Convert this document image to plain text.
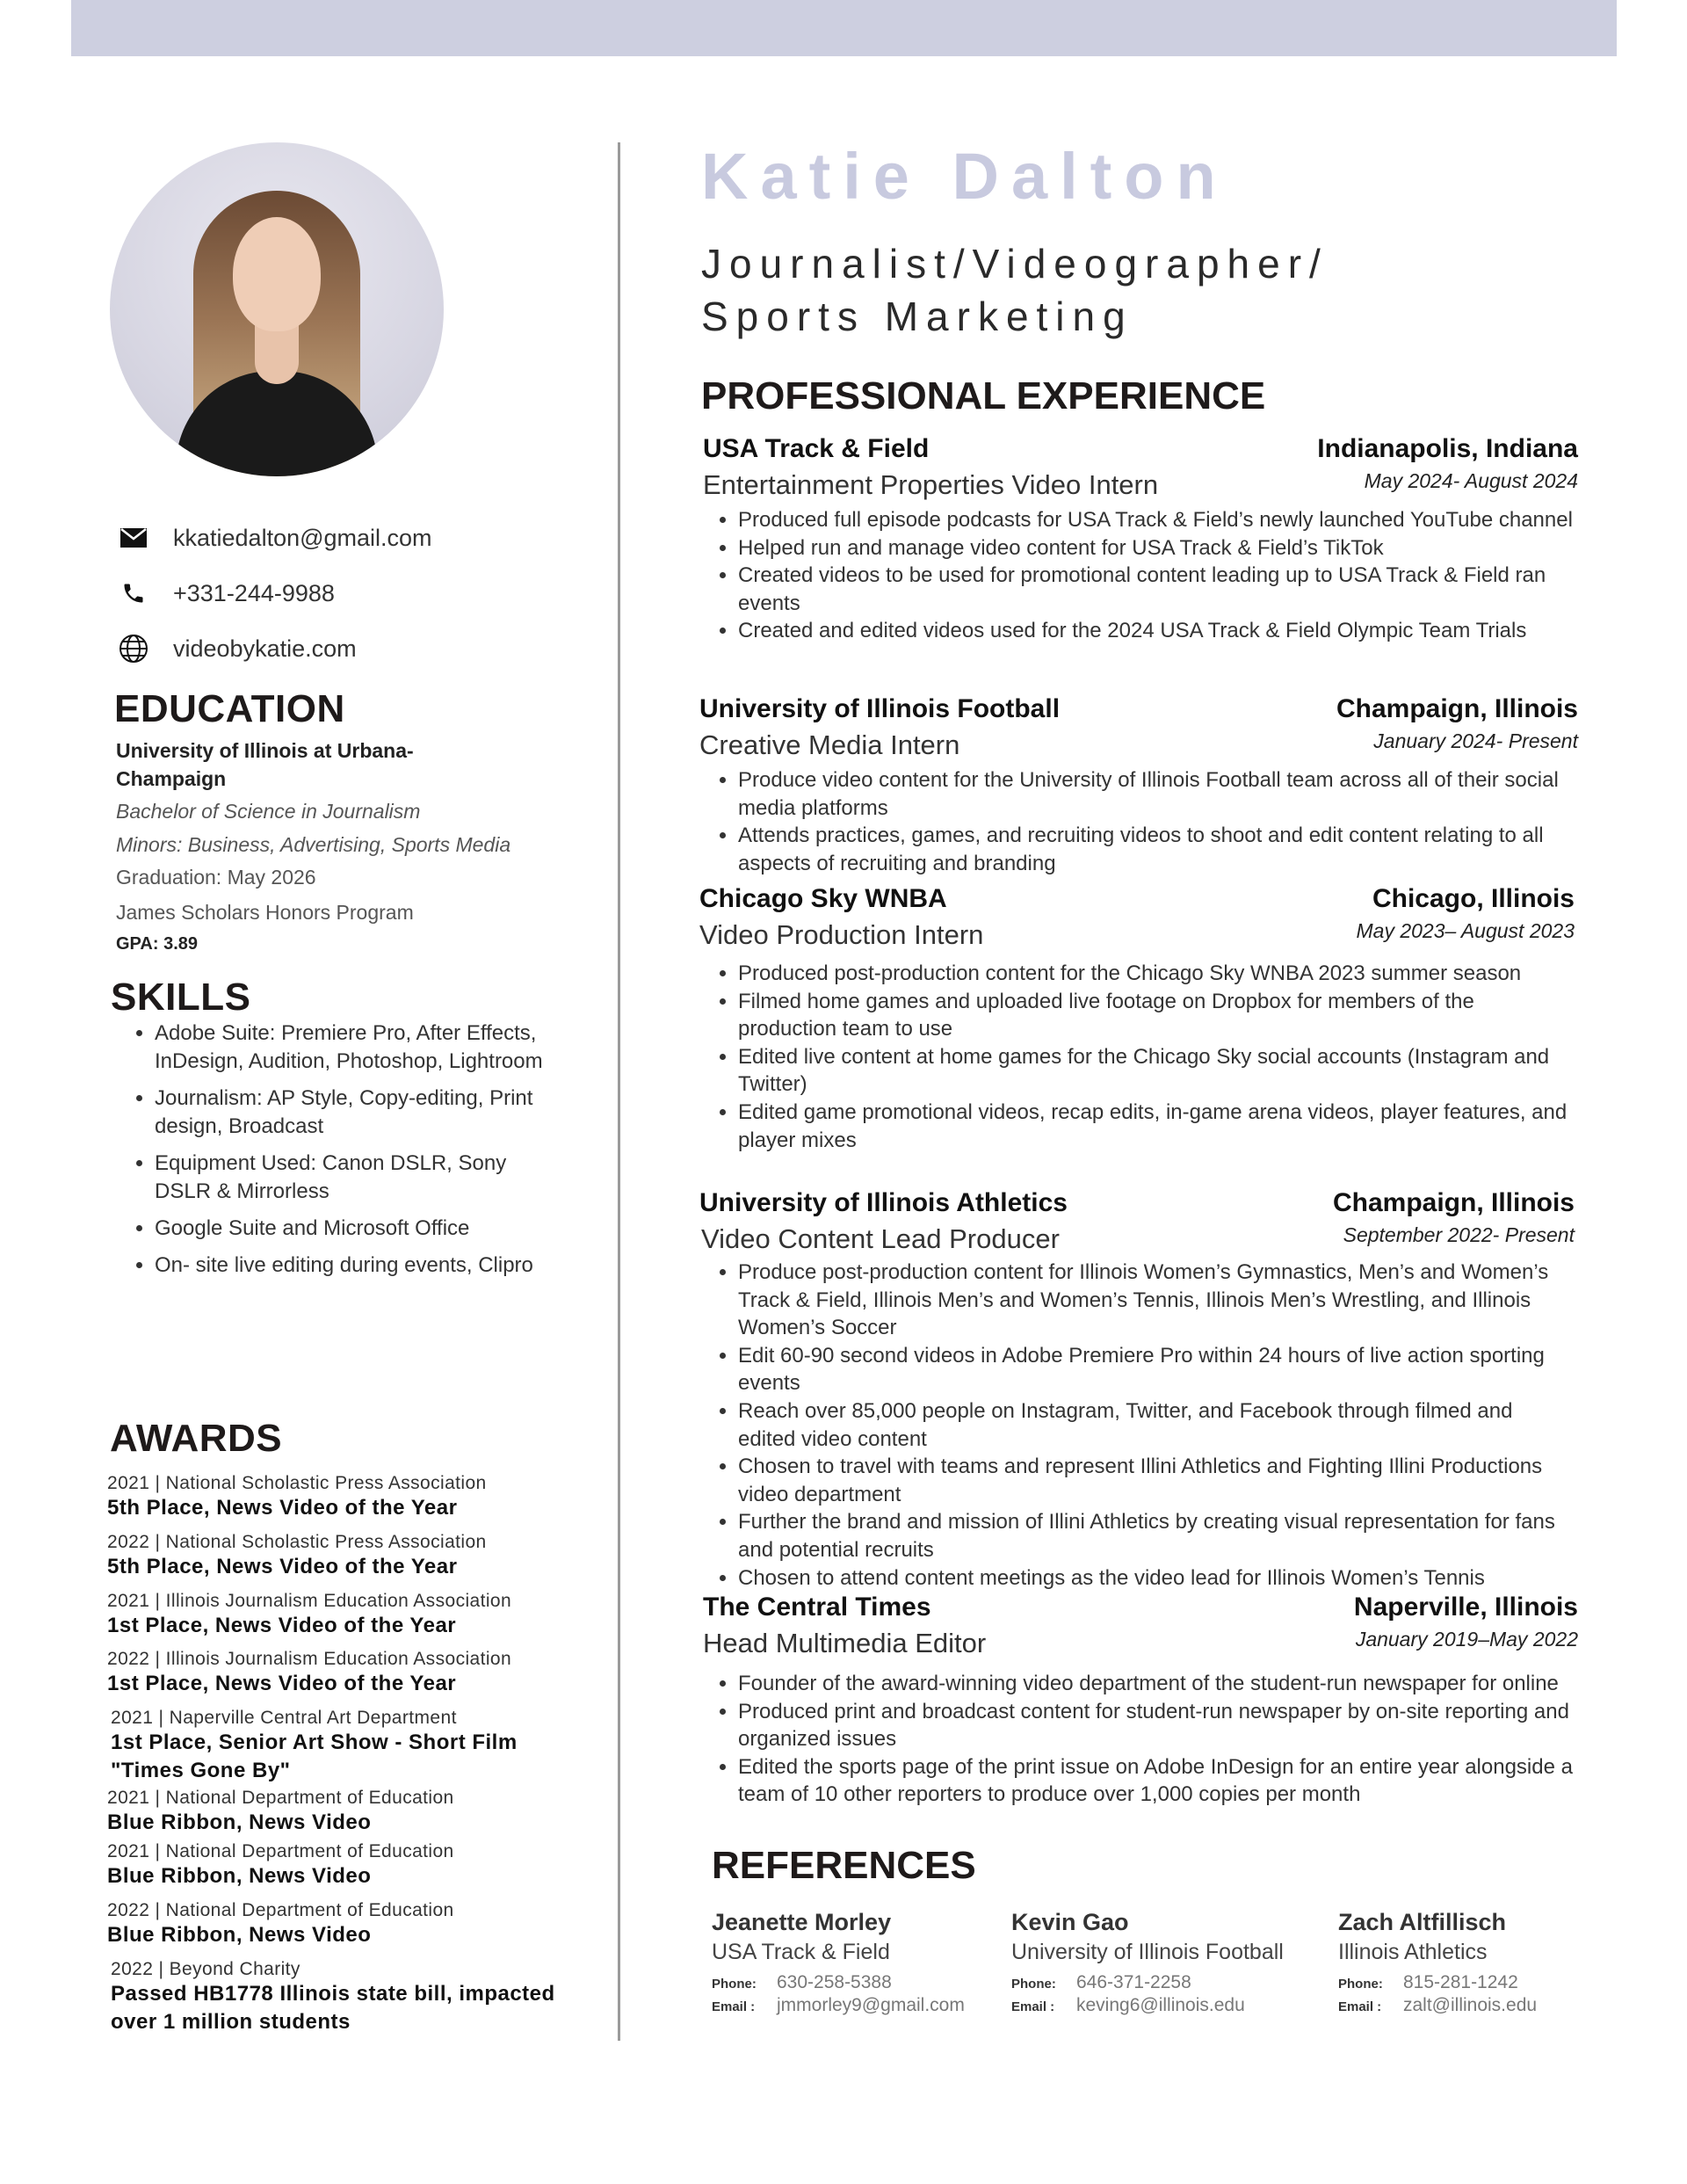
kkatiedalton@gmail.com
+331-244-9988
videobykatie.com
EDUCATION
University of Illinois at Urbana-
Champaign
Bachelor of Science in Journalism
Minors: Business, Advertising, Sports Media
Graduation: May 2026
James Scholars Honors Program
GPA: 3.89
SKILLS
• Adobe Suite: Premiere Pro, After Effects, InDesign, Audition, Photoshop, Lightroom
• Journalism: AP Style, Copy-editing, Print design, Broadcast
• Equipment Used: Canon DSLR, Sony DSLR & Mirrorless
• Google Suite and Microsoft Office
• On- site live editing during events, Clipro
AWARDS
2021 | National Scholastic Press Association
5th Place, News Video of the Year
2022 | National Scholastic Press Association
5th Place, News Video of the Year
2021 | Illinois Journalism Education Association
1st Place, News Video of the Year
2022 | Illinois Journalism Education Association
1st Place, News Video of the Year
2021 | Naperville Central Art Department
1st Place, Senior Art Show - Short Film "Times Gone By"
2021 | National Department of Education
Blue Ribbon, News Video
2021 | National Department of Education
Blue Ribbon, News Video
2022 | National Department of Education
Blue Ribbon, News Video
2022 | Beyond Charity
Passed HB1778 Illinois state bill, impacted over 1 million students
Katie Dalton
Journalist/Videographer/
Sports Marketing
PROFESSIONAL EXPERIENCE
USA Track & Field	Indianapolis, Indiana
Entertainment Properties Video Intern	May 2024- August 2024
• Produced full episode podcasts for USA Track & Field’s newly launched YouTube channel
• Helped run and manage video content for USA Track & Field’s TikTok
• Created videos to be used for promotional content leading up to USA Track & Field ran events
• Created and edited videos used for the 2024 USA Track & Field Olympic Team Trials
University of Illinois Football	Champaign, Illinois
Creative Media Intern	January 2024- Present
• Produce video content for the University of Illinois Football team across all of their social media platforms
• Attends practices, games, and recruiting videos to shoot and edit content relating to all aspects of recruiting and branding
Chicago Sky WNBA	Chicago, Illinois
Video Production Intern	May 2023– August 2023
• Produced post-production content for the Chicago Sky WNBA 2023 summer season
• Filmed home games and uploaded live footage on Dropbox for members of the production team to use
• Edited live content at home games for the Chicago Sky social accounts (Instagram and Twitter)
• Edited game promotional videos, recap edits, in-game arena videos, player features, and player mixes
University of Illinois Athletics	Champaign, Illinois
Video Content Lead Producer	September 2022- Present
• Produce post-production content for Illinois Women’s Gymnastics, Men’s and Women’s Track & Field, Illinois Men’s and Women’s Tennis, Illinois Men’s Wrestling, and Illinois Women’s Soccer
• Edit 60-90 second videos in Adobe Premiere Pro within 24 hours of live action sporting events
• Reach over 85,000 people on Instagram, Twitter, and Facebook through filmed and edited video content
• Chosen to travel with teams and represent Illini Athletics and Fighting Illini Productions video department
• Further the brand and mission of Illini Athletics by creating visual representation for fans and potential recruits
• Chosen to attend content meetings as the video lead for Illinois Women’s Tennis
The Central Times	Naperville, Illinois
Head Multimedia Editor	January 2019–May 2022
• Founder of the award-winning video department of the student-run newspaper for online
• Produced print and broadcast content for student-run newspaper by on-site reporting and organized issues
• Edited the sports page of the print issue on Adobe InDesign for an entire year alongside a team of 10 other reporters to produce over 1,000 copies per month
REFERENCES
Jeanette Morley
USA Track & Field
Phone:	630-258-5388
Email :	jmmorley9@gmail.com
Kevin Gao
University of Illinois Football
Phone:	646-371-2258
Email :	keving6@illinois.edu
Zach Altfillisch
Illinois Athletics
Phone:	815-281-1242
Email :	zalt@illinois.edu
